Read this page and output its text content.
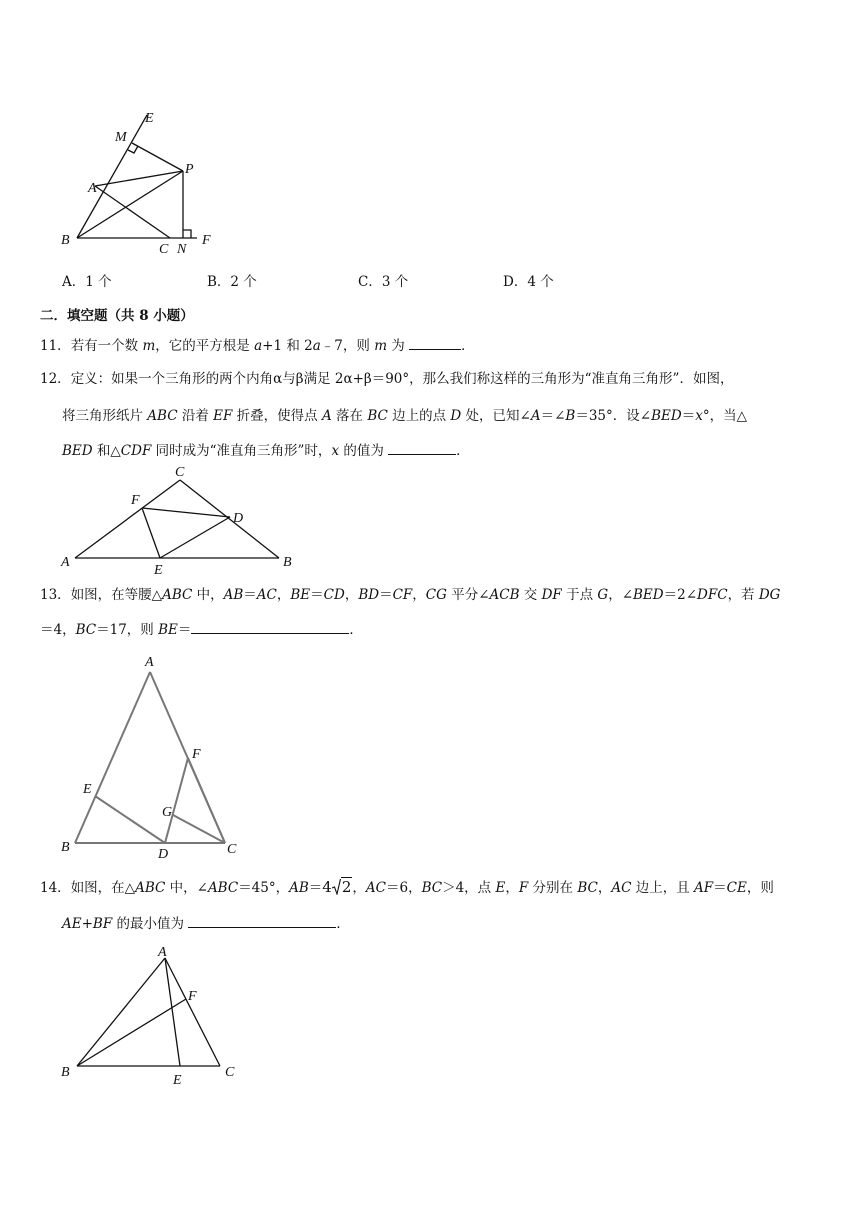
E
M
A
P
B
C N
F
A．1 个	B．2 个	C．3 个	D．4 个
二．填空题（共 8 小题）
11．若有一个数 m，它的平方根是 a+1 和 2a﹣7，则 m 为	．
12．定义：如果一个三角形的两个内角α与β满足 2α+β＝90°，那么我们称这样的三角形为“准直角三角形”．如图，
将三角形纸片 ABC 沿着 EF 折叠，使得点 A 落在 BC 边上的点 D 处，已知∠A＝∠B＝35°．设∠BED＝x°，当△
BED 和△CDF 同时成为“准直角三角形”时，x 的值为	．
C
F
D
A
E
B
13．如图，在等腰△ABC 中，AB＝AC，BE＝CD，BD＝CF，CG 平分∠ACB 交 DF 于点 G，∠BED＝2∠DFC，若 DG
＝4，BC＝17，则 BE＝	．
A
F
E
G
B	D	C
14．如图，在△ABC 中，∠ABC＝45°，AB＝4 2，AC＝6，BC＞4，点 E，F 分别在 BC，AC 边上，且 AF＝CE，则
AE+BF 的最小值为	．
A
F
B
E
C
